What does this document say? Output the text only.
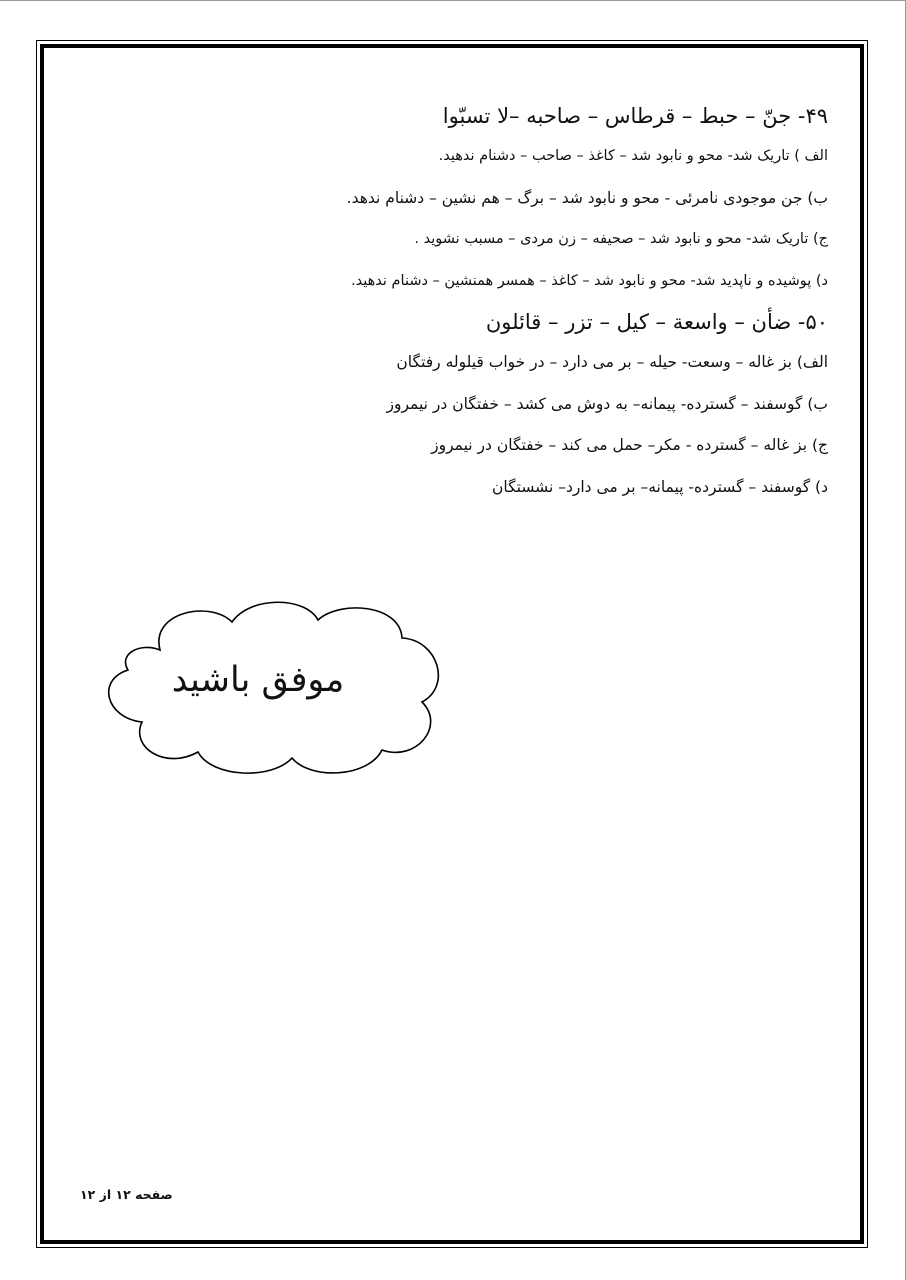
۴۹- جنّ – حبط – قرطاس – صاحبه –لا تسبّوا
الف ) تاریک شد- محو و نابود شد – کاغذ – صاحب – دشنام ندهید.
ب) جن موجودی نامرئی - محو و نابود شد – برگ – هم نشین – دشنام ندهد.
ج) تاریک شد- محو و نابود شد – صحیفه – زن مردی – مسبب نشوید .
د) پوشیده و ناپدید شد- محو و نابود شد – کاغذ – همسر همنشین – دشنام ندهید.
۵۰- ضأن – واسعة – کیل – تزر – قائلون
الف) بز غاله – وسعت- حیله – بر می دارد – در خواب قیلوله رفتگان
ب) گوسفند – گسترده- پیمانه– به دوش می کشد – خفتگان در نیمروز
ج) بز غاله – گسترده - مکر– حمل می کند – خفتگان در نیمروز
د) گوسفند – گسترده- پیمانه– بر می دارد– نشستگان
موفق باشید
صفحه ۱۲ از ۱۲
